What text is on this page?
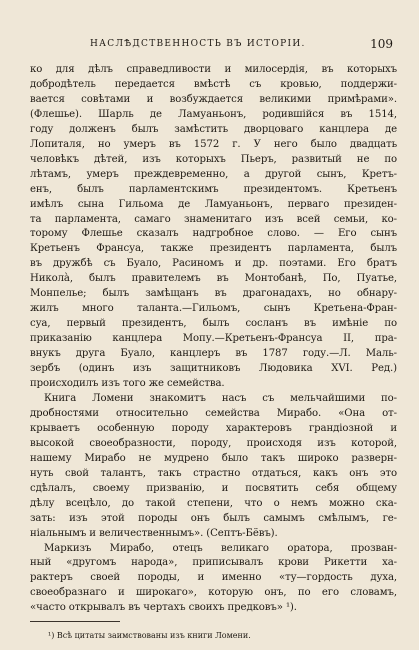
НАСЛѢДСТВЕННОСТЬ ВЪ ИСТОРІИ.	109
ко для дѣлъ справедливости и милосердія, въ которыхъ
добродѣтель передается вмѣстѣ съ кровью, поддержи-
вается совѣтами и возбуждается великими примѣрами».
(Флешье). Шарль де Ламуаньонъ, родившійся въ 1514,
году долженъ былъ замѣстить дворцоваго канцлера де
Лопиталя, но умеръ въ 1572 г. У него было двадцать
человѣкъ дѣтей, изъ которыхъ Пьеръ, развитый не по
лѣтамъ, умеръ преждевременно, а другой сынъ, Кретъ-
енъ, былъ парламентскимъ президентомъ. Кретьенъ
имѣлъ сына Гильома де Ламуаньонъ, перваго президен-
та парламента, самаго знаменитаго изъ всей семьи, ко-
торому Флешье сказалъ надгробное слово. — Его сынъ
Кретьенъ Франсуа, также президентъ парламента, былъ
въ дружбѣ съ Буало, Расиномъ и др. поэтами. Его братъ
Николà, былъ правителемъ въ Монтобанѣ, По, Пуатье,
Монпелье; былъ замѣщанъ въ драгонадахъ, но обнару-
жилъ много таланта.—Гильомъ, сынъ Кретьена-Фран-
суа, первый президентъ, былъ сосланъ въ имѣніе по
приказанію канцлера Мопу.—Кретьенъ-Франсуа II, пра-
внукъ друга Буало, канцлеръ въ 1787 году.—Л. Маль-
зербъ (одинъ изъ защитниковъ Людовика XVI. Ред.)
происходилъ изъ того же семейства.
Книга Ломени знакомитъ насъ съ мельчайшими по-
дробностями относительно семейства Мирабо. «Она от-
крываетъ особенную породу характеровъ грандіозной и
высокой своеобразности, породу, происходя изъ которой,
нашему Мирабо не мудрено было такъ широко разверн-
нуть свой талантъ, такъ страстно отдаться, какъ онъ это
сдѣлалъ, своему призванію, и посвятить себя общему
дѣлу всецѣло, до такой степени, что о немъ можно ска-
зать: изъ этой породы онъ былъ самымъ смѣлымъ, ге-
ніальнымъ и величественнымъ». (Септъ-Бёвъ).
Маркизъ Мирабо, отецъ великаго оратора, прозван-
ный «другомъ народа», приписывалъ крови Рикетти ха-
рактеръ своей породы, и именно «ту—гордость духа,
своеобразнаго и широкаго», которую онъ, по его словамъ,
«часто открывалъ въ чертахъ своихъ предковъ» ¹).
¹) Всѣ цитаты заимствованы изъ книги Ломени.
